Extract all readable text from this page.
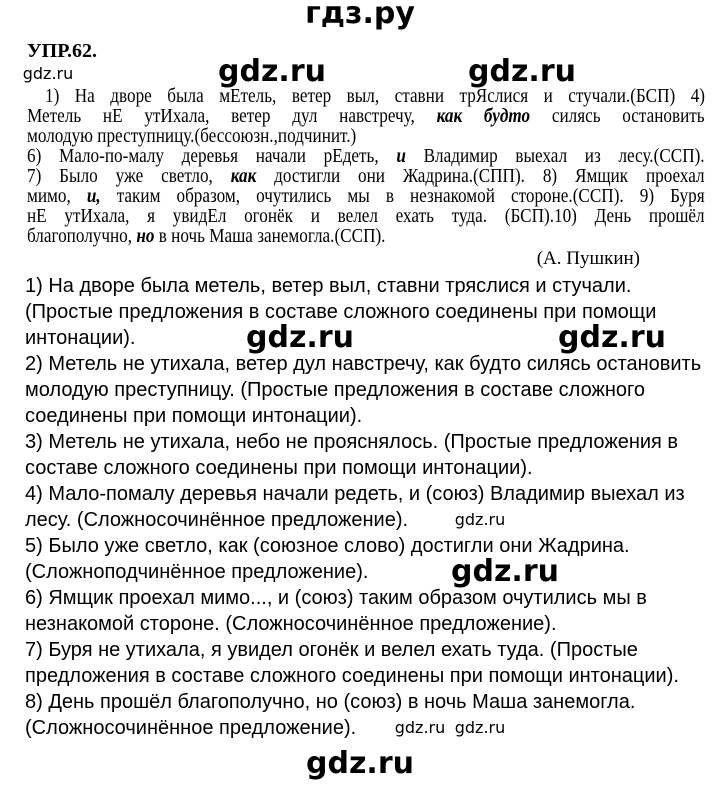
гдз.ру
УПР.62.
gdz.ru	gdz.ru	gdz.ru
1) На дворе была мЕтель, ветер выл, ставни трЯслися и стучали.(БСП) 4)
Метель нЕ утИхала, ветер дул навстречу, как будто силясь остановить
молодую преступницу.(бессоюзн.,подчинит.)
6) Мало-по-малу деревья начали рЕдеть, и Владимир выехал из лесу.(ССП).
7) Было уже светло, как достигли они Жадрина.(СПП). 8) Ямщик проехал
мимо, и, таким образом, очутились мы в незнакомой стороне.(ССП). 9) Буря
нЕ утИхала, я увидЕл огонёк и велел ехать туда. (БСП).10) День прошёл
благополучно, но в ночь Маша занемогла.(ССП).
(А. Пушкин)
1) На дворе была метель, ветер выл, ставни тряслися и стучали.
(Простые предложения в составе сложного соединены при помощи
интонации).
2) Метель не утихала, ветер дул навстречу, как будто силясь остановить
молодую преступницу. (Простые предложения в составе сложного
соединены при помощи интонации).
3) Метель не утихала, небо не прояснялось. (Простые предложения в
составе сложного соединены при помощи интонации).
4) Мало-помалу деревья начали редеть, и (союз) Владимир выехал из
лесу. (Сложносочинённое предложение).
5) Было уже светло, как (союзное слово) достигли они Жадрина.
(Сложноподчинённое предложение).
6) Ямщик проехал мимо..., и (союз) таким образом очутились мы в
незнакомой стороне. (Сложносочинённое предложение).
7) Буря не утихала, я увидел огонёк и велел ехать туда. (Простые
предложения в составе сложного соединены при помощи интонации).
8) День прошёл благополучно, но (союз) в ночь Маша занемогла.
(Сложносочинённое предложение).
gdz.ru	gdz.ru
gdz.ru
gdz.ru
gdz.ru gdz.ru
gdz.ru
